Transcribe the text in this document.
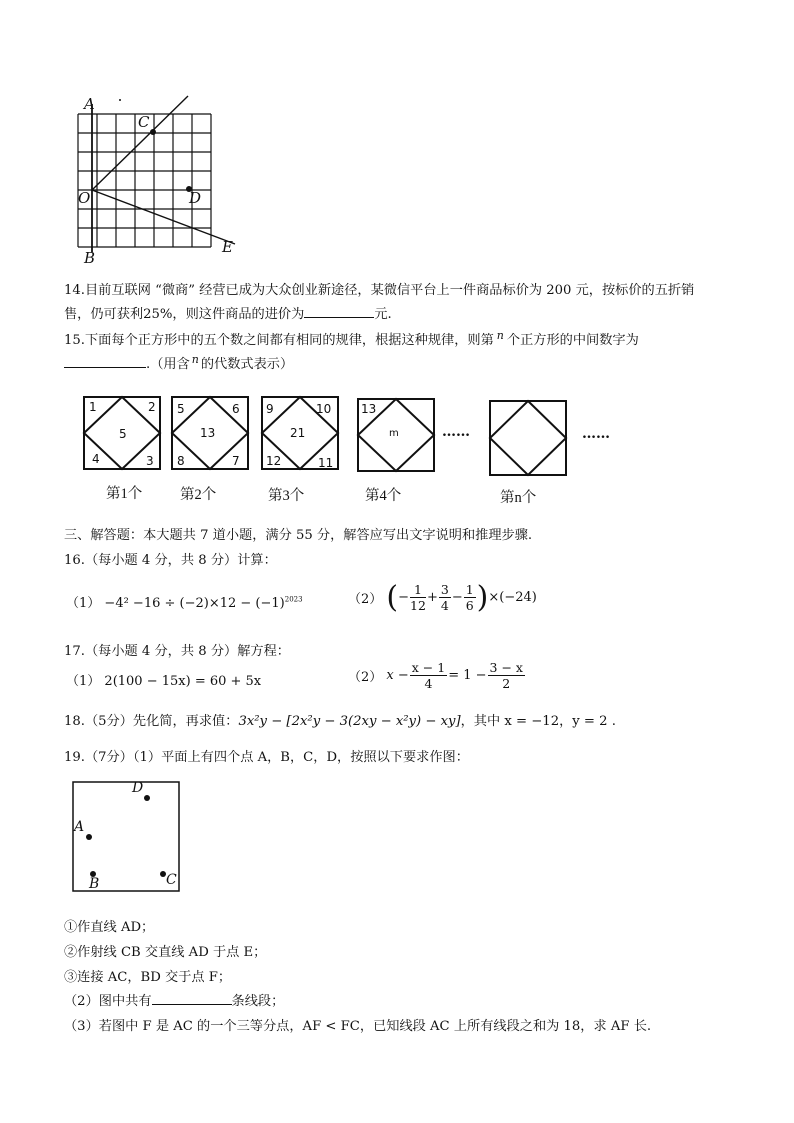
A
C
O	D
B
E
14.目前互联网 “微商” 经营已成为大众创业新途径，某微信平台上一件商品标价为 200 元，按标价的五折销
售，仍可获利25%，则这件商品的进价为	元.
15.下面每个正方形中的五个数之间都有相同的规律，根据这种规律，则第 $^n$ 个正方形的中间数字为
.（用含 $^n$ 的代数式表示）
1	2
5
4	3
5	6
13
8	7
9	10
21
12	11
13
m	……	……
第1个	第2个	第3个	第4个	第n个
三、解答题：本大题共 7 道小题，满分 55 分，解答应写出文字说明和推理步骤.
16.（每小题 4 分，共 8 分）计算：
$(1) -4^2 -16 \div (-2)\times 12 - (-1)^{2023}$	（2） (− $\frac{1}{12} + \frac{3}{4} - \frac{1}{6} )\times(-24)$
17.（每小题 4 分，共 8 分）解方程：
（1） 2(100 − 15x) = 60 + 5x	（2） $x - \frac{x - 1}{4} = 1 - \frac{3 - x}{2}$
18.（5分）先化简，再求值：3x²y − [2x²y − 3(2xy − x²y) − xy]，其中 x = −12，y = 2 .
19.（7分）（1）平面上有四个点 A，B，C，D，按照以下要求作图：
D
A
B	C
①作直线 AD；
②作射线 CB 交直线 AD 于点 E；
③连接 AC，BD 交于点 F；
（2）图中共有	条线段；
（3）若图中 F 是 AC 的一个三等分点，AF < FC，已知线段 AC 上所有线段之和为 18，求 AF 长.
